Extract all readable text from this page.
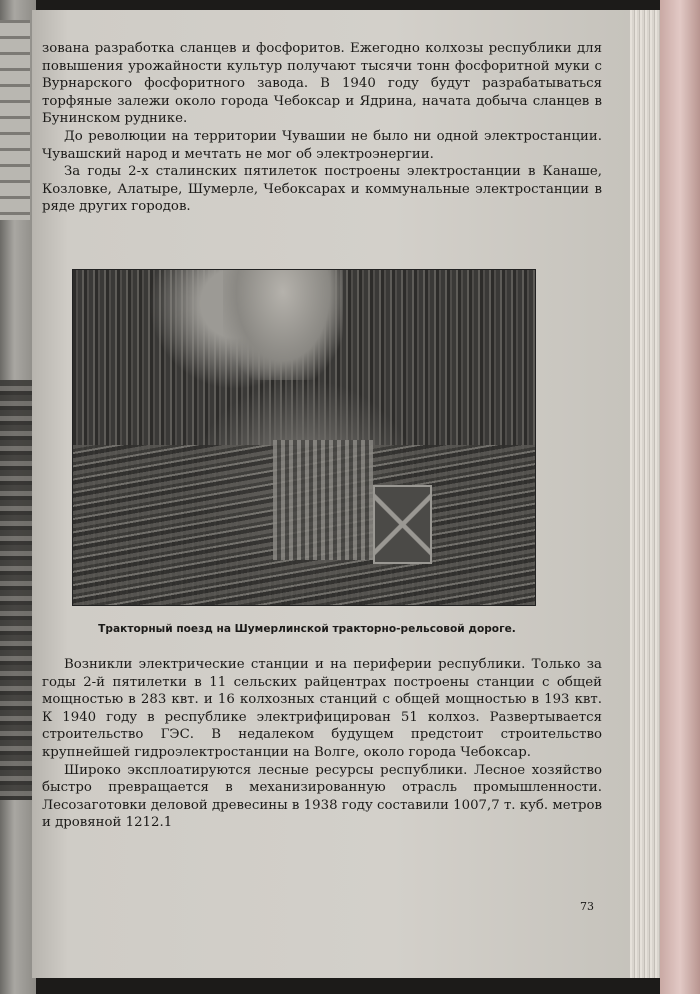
зована разработка сланцев и фосфоритов. Ежегодно колхозы республики для повышения урожайности культур получают тысячи тонн фосфоритной муки с Вурнарского фосфоритного завода. В 1940 году будут разрабатываться торфяные залежи около города Чебоксар и Ядрина, начата добыча сланцев в Бунинском руднике.

До революции на территории Чувашии не было ни одной электростанции. Чувашский народ и мечтать не мог об электроэнергии.

За годы 2-х сталинских пятилеток построены электростанции в Канаше, Козловке, Алатыре, Шумерле, Чебоксарах и коммунальные электростанции в ряде других городов.

Тракторный поезд на Шумерлинской тракторно-рельсовой дороге.

Возникли электрические станции и на периферии республики. Только за годы 2-й пятилетки в 11 сельских райцентрах построены станции с общей мощностью в 283 квт. и 16 колхозных станций с общей мощностью в 193 квт. К 1940 году в республике электрифицирован 51 колхоз. Развертывается строительство ГЭС. В недалеком будущем предстоит строительство крупнейшей гидроэлектростанции на Волге, около города Чебоксар.

Широко эксплоатируются лесные ресурсы республики. Лесное хозяйство быстро превращается в механизированную отрасль промышленности. Лесозаготовки деловой древесины в 1938 году составили 1007,7 т. куб. метров и дровяной 1212.1

73
